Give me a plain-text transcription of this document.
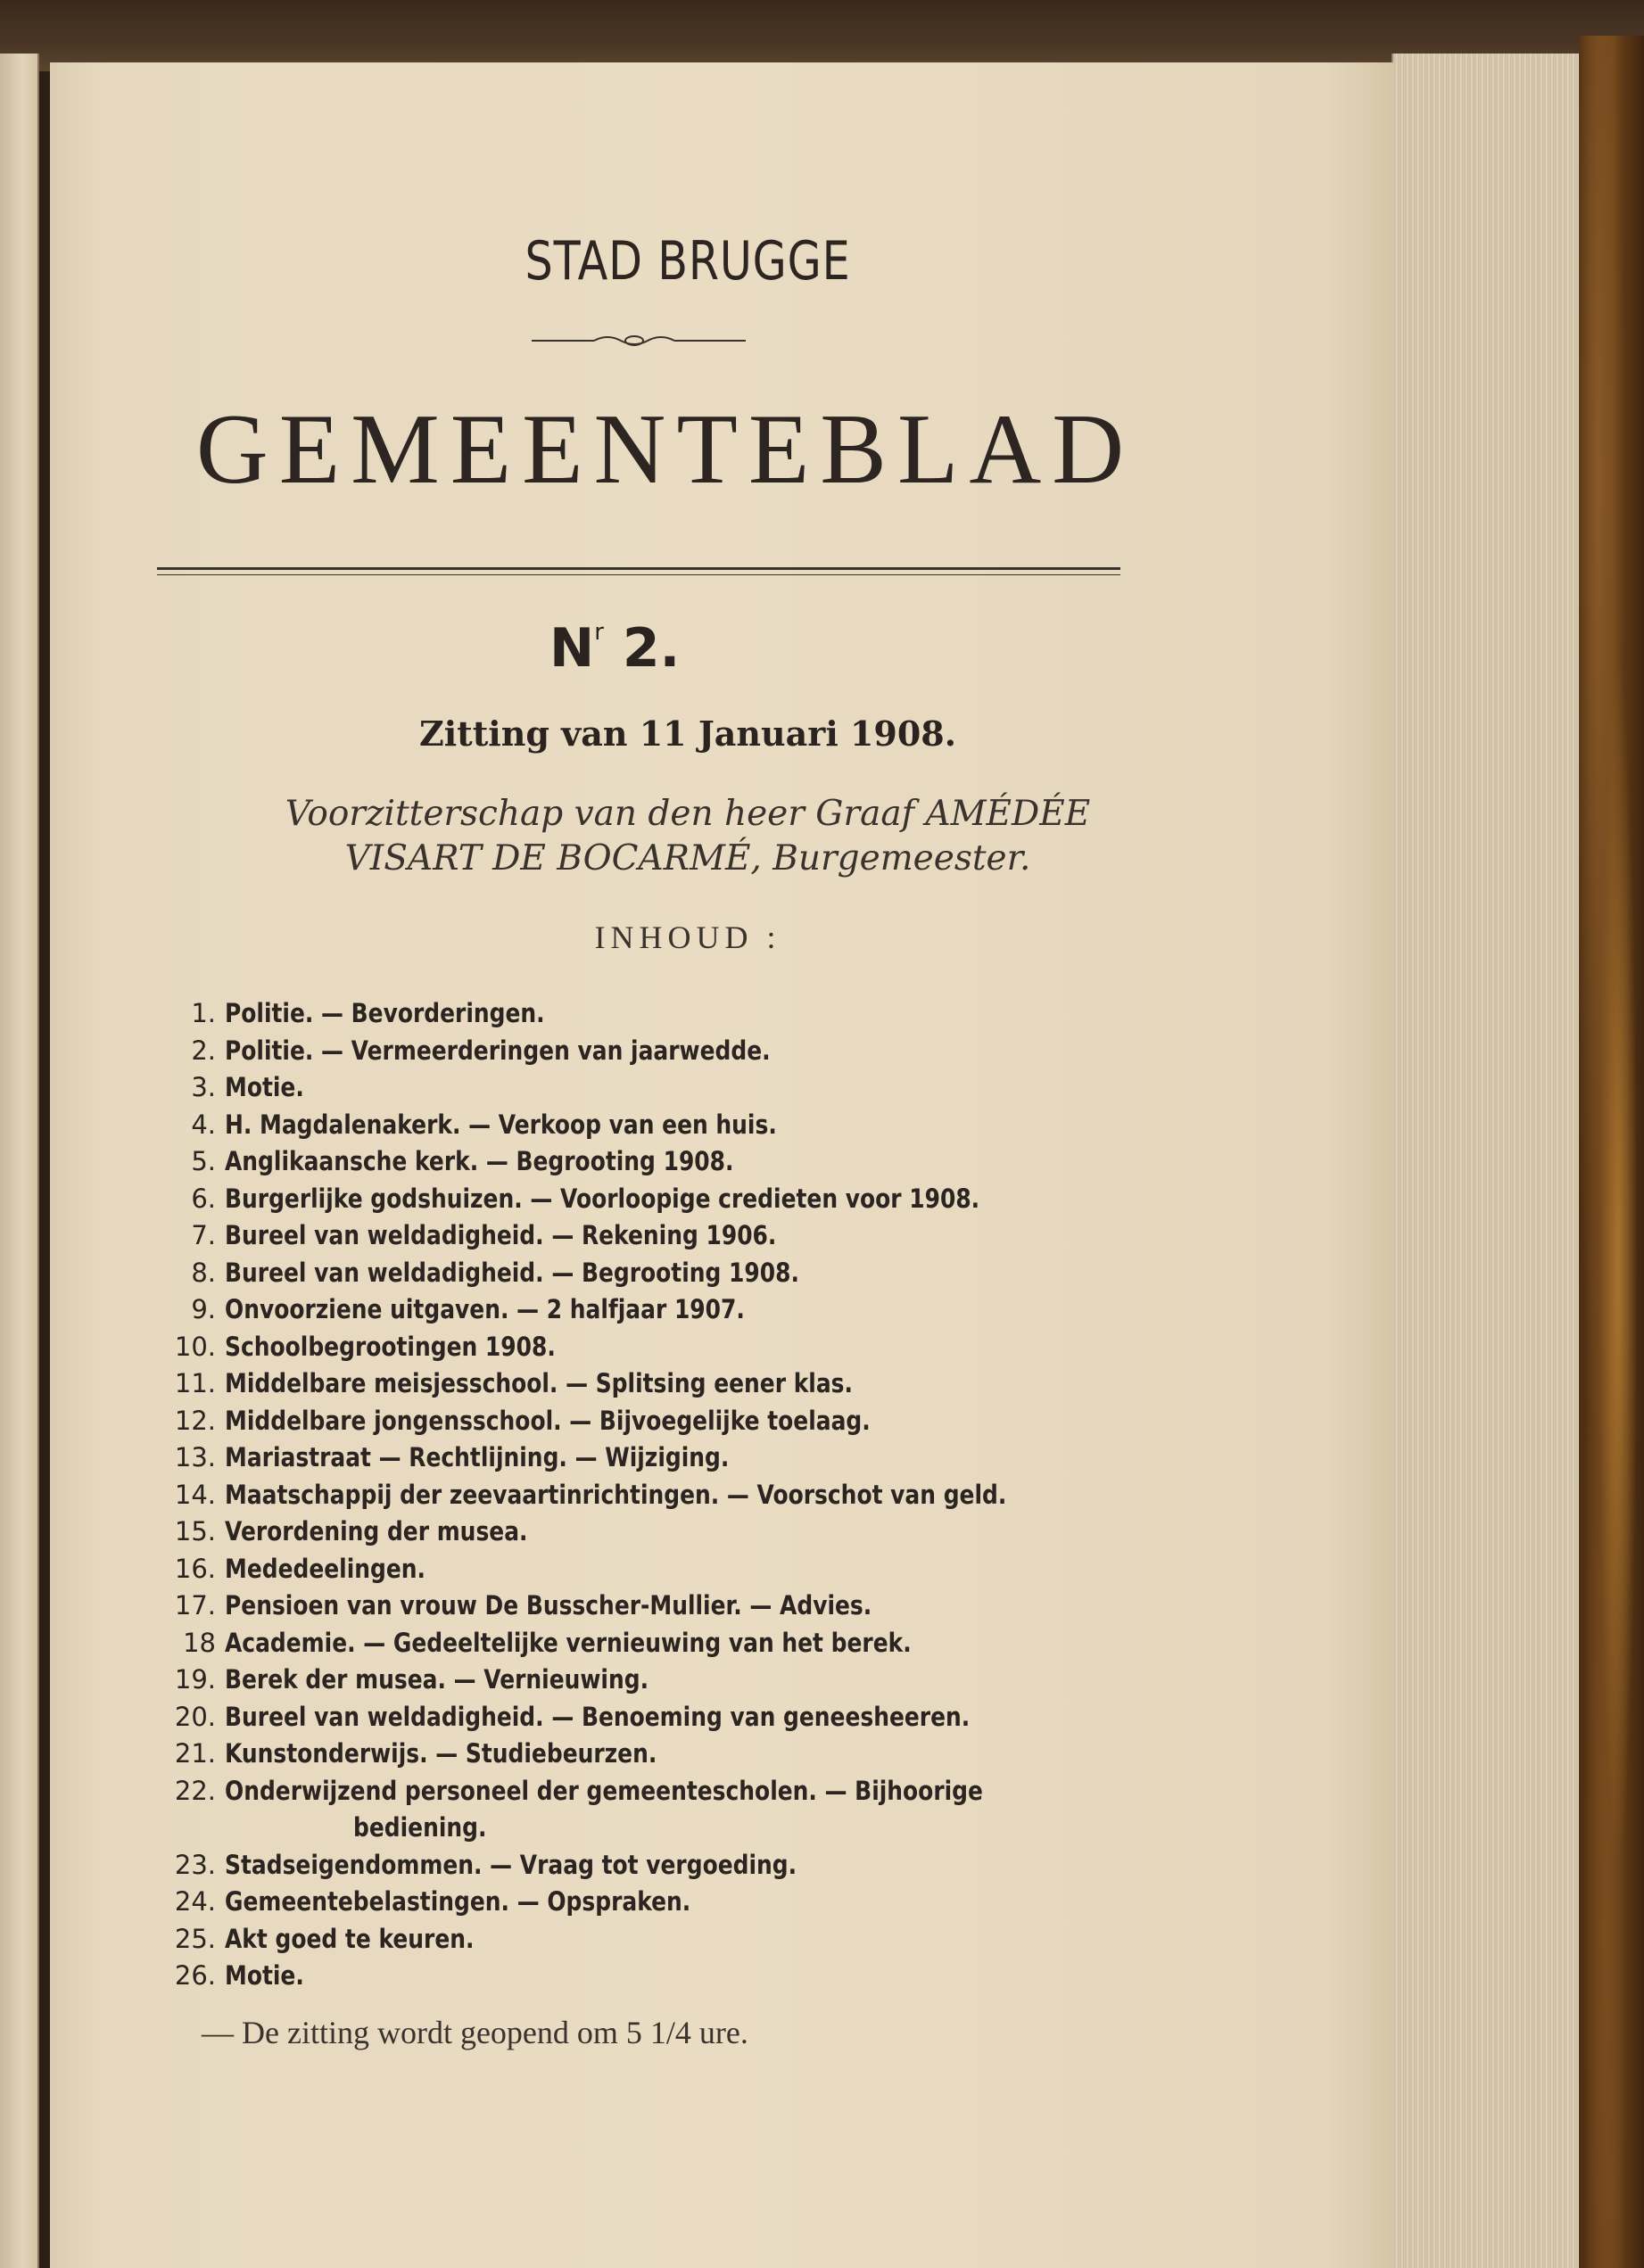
STAD BRUGGE
GEMEENTEBLAD
$N^r$ 2.
Zitting van 11 Januari 1908.
Voorzitterschap van den heer Graaf AMÉDÉE
VISART DE BOCARMÉ, Burgemeester.
INHOUD :
1. Politie. — Bevorderingen.
2. Politie. — Vermeerderingen van jaarwedde.
3. Motie.
4. H. Magdalenakerk. — Verkoop van een huis.
5. Anglikaansche kerk. — Begrooting 1908.
6. Burgerlijke godshuizen. — Voorloopige credieten voor 1908.
7. Bureel van weldadigheid. — Rekening 1906.
8. Bureel van weldadigheid. — Begrooting 1908.
9. Onvoorziene uitgaven. — 2 halfjaar 1907.
10. Schoolbegrootingen 1908.
11. Middelbare meisjesschool. — Splitsing eener klas.
12. Middelbare jongensschool. — Bijvoegelijke toelaag.
13. Mariastraat — Rechtlijning. — Wijziging.
14. Maatschappij der zeevaartinrichtingen. — Voorschot van geld.
15. Verordening der musea.
16. Mededeelingen.
17. Pensioen van vrouw De Busscher-Mullier. — Advies.
18 Academie. — Gedeeltelijke vernieuwing van het berek.
19. Berek der musea. — Vernieuwing.
20. Bureel van weldadigheid. — Benoeming van geneesheeren.
21. Kunstonderwijs. — Studiebeurzen.
22. Onderwijzend personeel der gemeentescholen. — Bijhoorige
bediening.
23. Stadseigendommen. — Vraag tot vergoeding.
24. Gemeentebelastingen. — Opspraken.
25. Akt goed te keuren.
26. Motie.
— De zitting wordt geopend om 5 1/4 ure.
